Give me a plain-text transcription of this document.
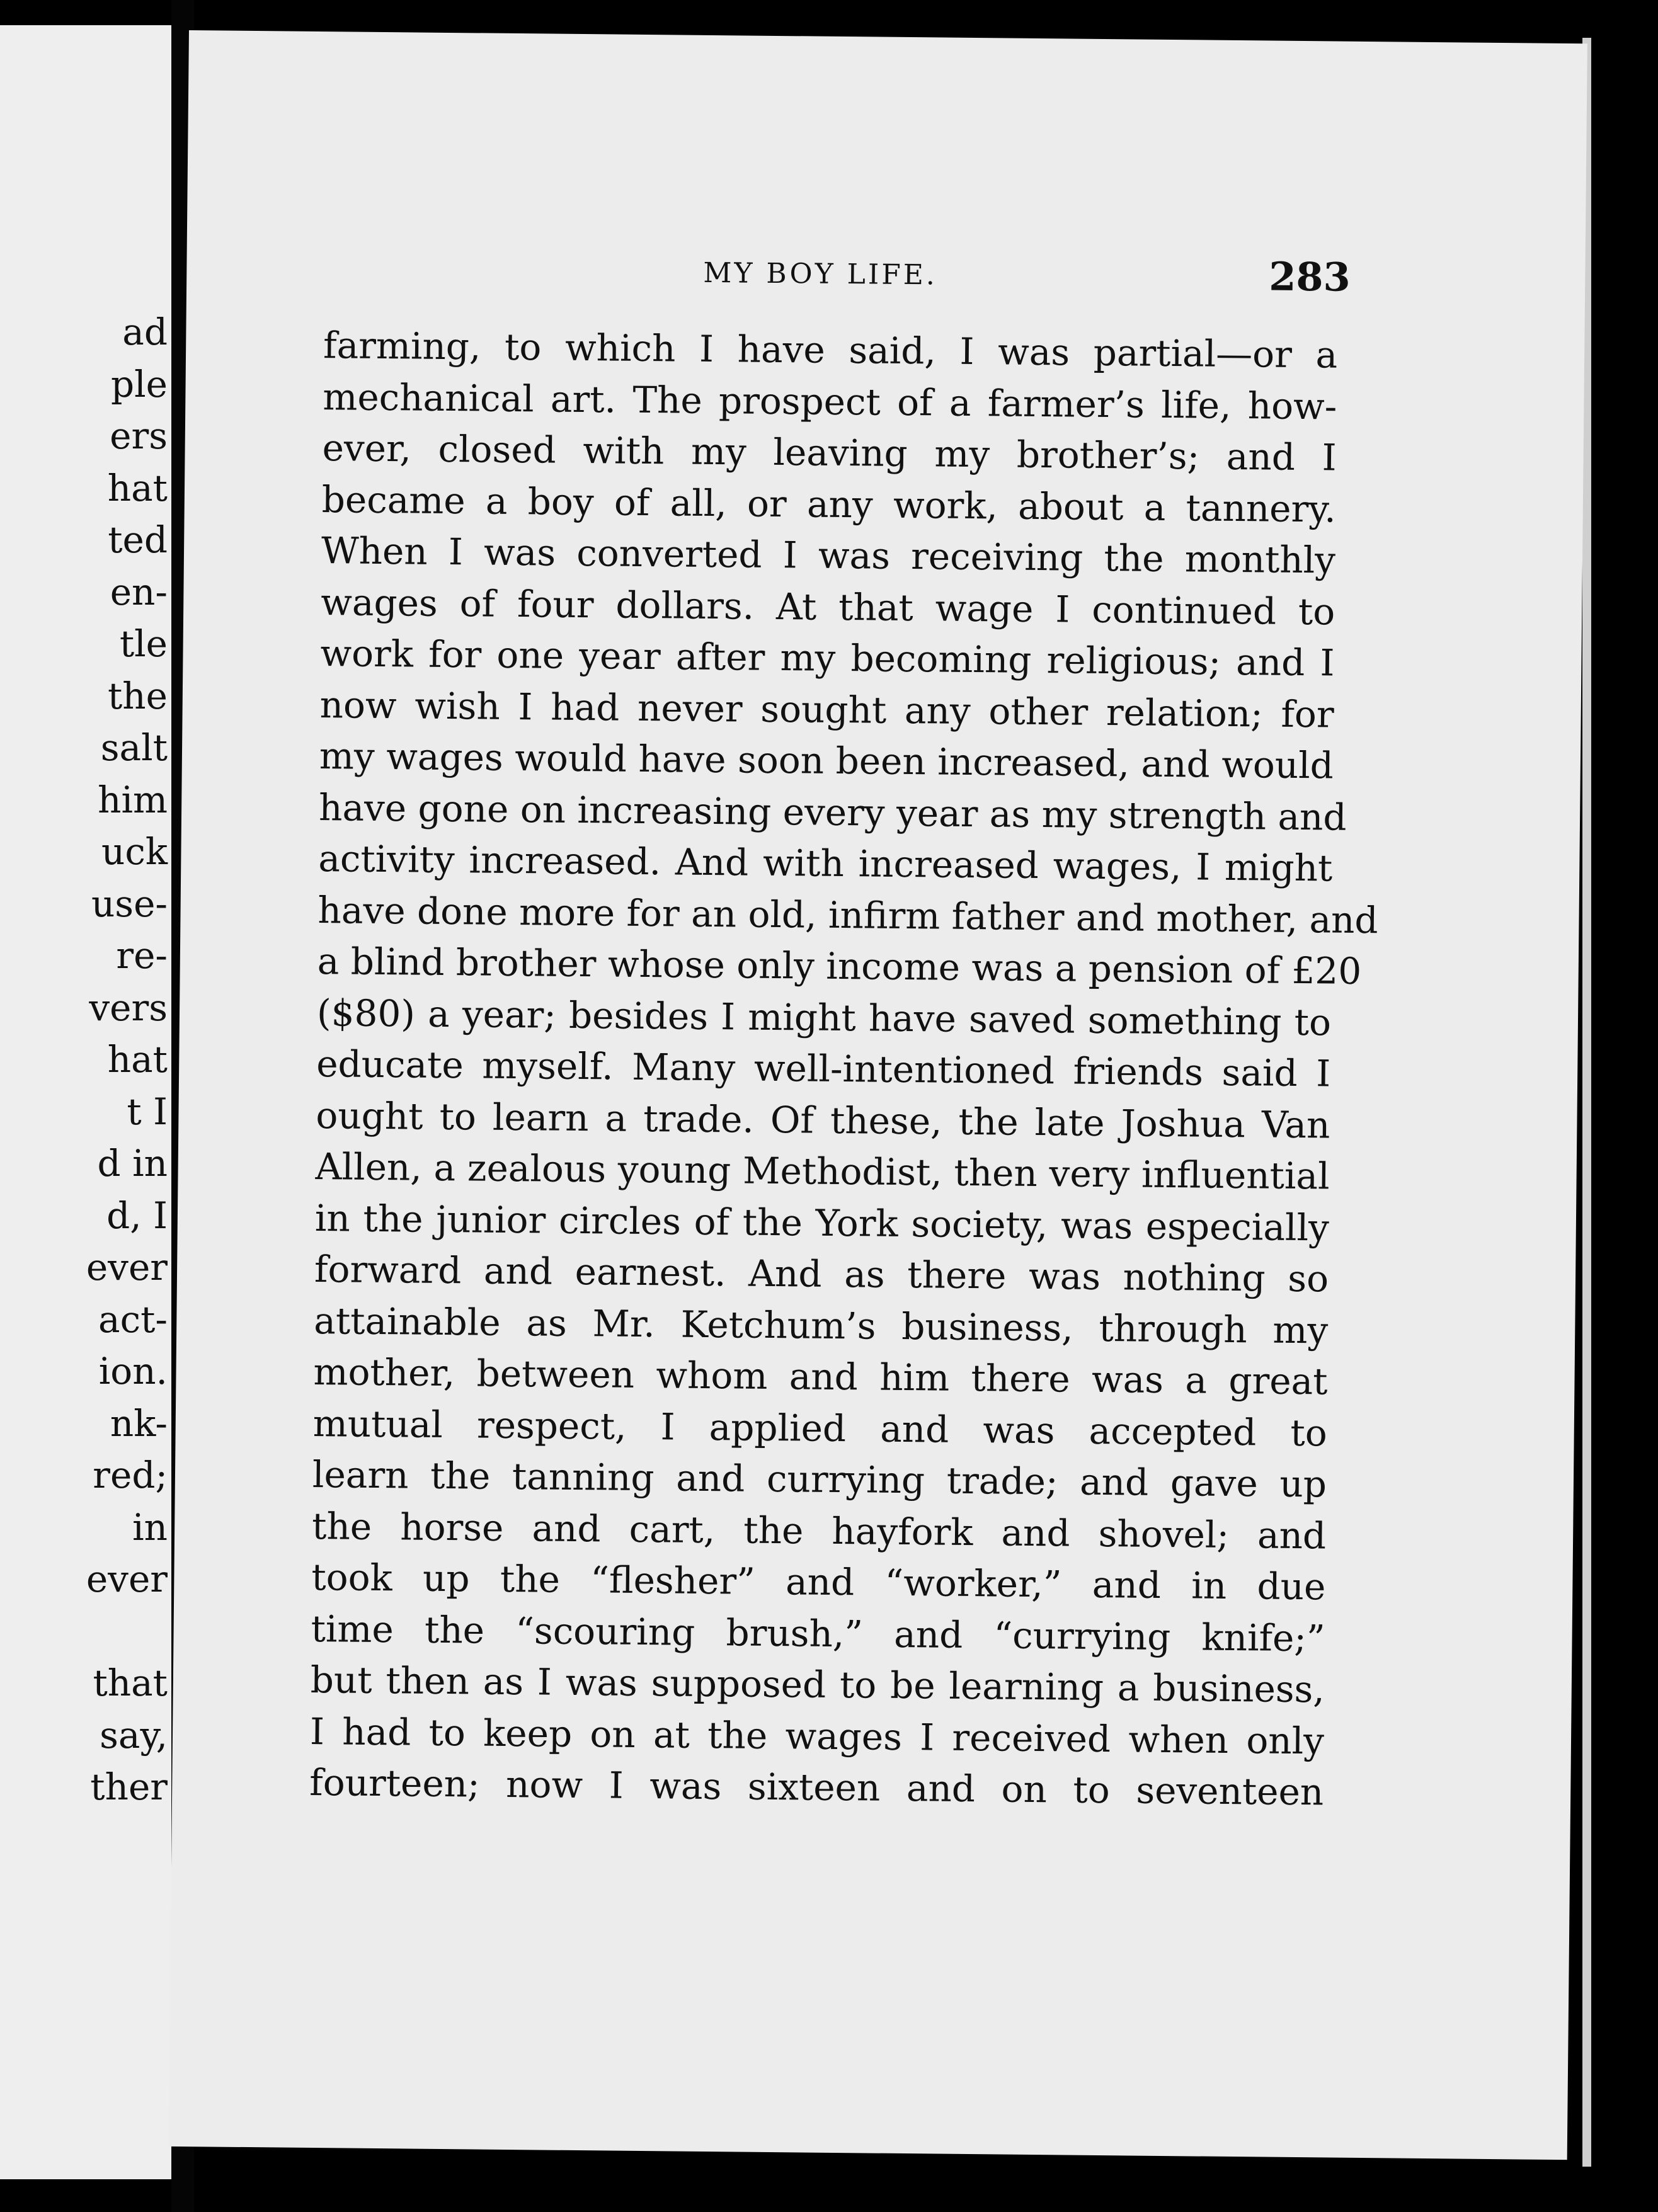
ad
ple
ers
hat
ted
en-
tle
the
salt
him
uck
use-
re-
vers
hat
t I
d in
d, I
ever
act-
ion.
nk-
red;
in
ever
that
say,
ther
MY BOY LIFE.	283
farming, to which I have said, I was partial—or a
mechanical art. The prospect of a farmer’s life, how-
ever, closed with my leaving my brother’s; and I
became a boy of all, or any work, about a tannery.
When I was converted I was receiving the monthly
wages of four dollars. At that wage I continued to
work for one year after my becoming religious; and I
now wish I had never sought any other relation; for
my wages would have soon been increased, and would
have gone on increasing every year as my strength and
activity increased. And with increased wages, I might
have done more for an old, infirm father and mother, and
a blind brother whose only income was a pension of £20
($80) a year; besides I might have saved something to
educate myself. Many well-intentioned friends said I
ought to learn a trade. Of these, the late Joshua Van
Allen, a zealous young Methodist, then very influential
in the junior circles of the York society, was especially
forward and earnest. And as there was nothing so
attainable as Mr. Ketchum’s business, through my
mother, between whom and him there was a great
mutual respect, I applied and was accepted to
learn the tanning and currying trade; and gave up
the horse and cart, the hayfork and shovel; and
took up the “flesher” and “worker,” and in due
time the “scouring brush,” and “currying knife;”
but then as I was supposed to be learning a business,
I had to keep on at the wages I received when only
fourteen; now I was sixteen and on to seventeen
